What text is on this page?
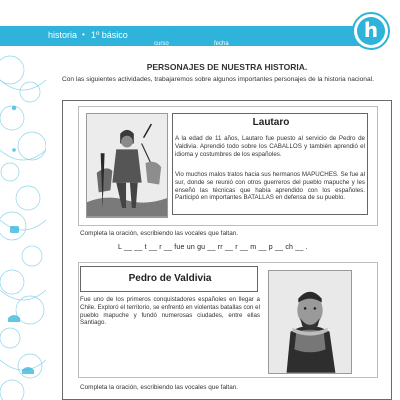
historia • 1º básico	nombre
curso	fecha
h
PERSONAJES DE NUESTRA HISTORIA.
Con las siguientes actividades, trabajaremos sobre algunos importantes personajes de la historia nacional.
Lautaro
A la edad de 11 años, Lautaro fue puesto al servicio de Pedro de Valdivia. Aprendió todo sobre los CABALLOS y también aprendió el idioma y costumbres de los españoles.
Vio muchos malos tratos hacia sus hermanos MAPUCHES. Se fue al sur, donde se reunió con otros guerreros del pueblo mapuche y les enseñó las técnicas que había aprendido con los españoles. Participó en importantes BATALLAS en defensa de su pueblo.
Completa la oración, escribiendo las vocales que faltan.
L __ __ t __ r __ fue un gu __ rr __ r __ m __ p __ ch __ .
Pedro de Valdivia
Fue uno de los primeros conquistadores españoles en llegar a Chile. Exploró el territorio, se enfrentó en violentas batallas con el pueblo mapuche y fundó numerosas ciudades, entre ellas Santiago.
Completa la oración, escribiendo las vocales que faltan.
